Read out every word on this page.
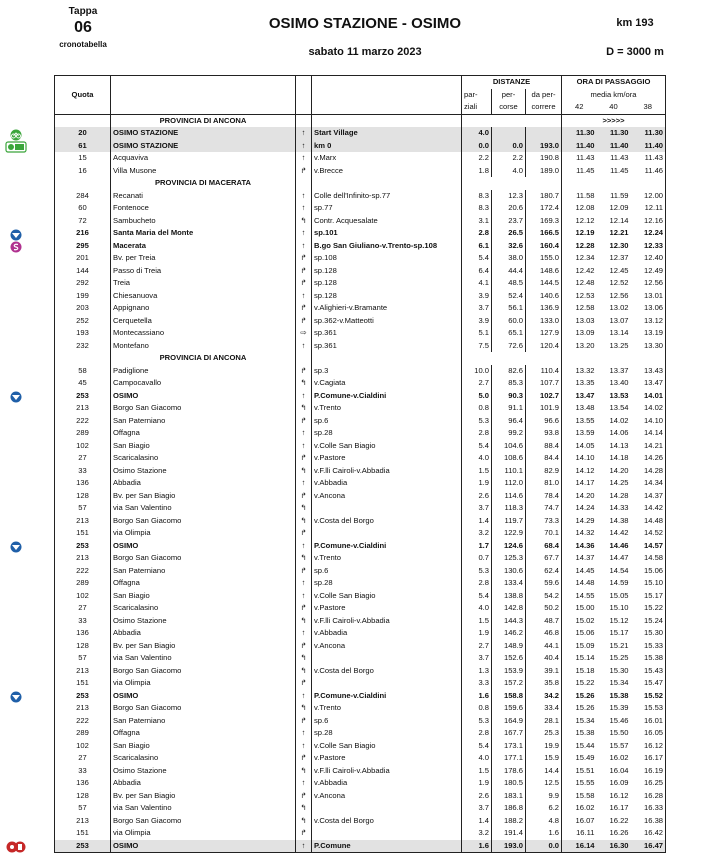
Tappa
06
cronotabella
OSIMO STAZIONE - OSIMO	km 193
sabato 11 marzo 2023	D = 3000 m
				DISTANZE			ORA DI PASSAGGIO		
Quota				par-	per-	da per-	media km/ora		
				ziali	corse	correre	42	40	38
	PROVINCIA DI ANCONA						>>>>>		
20	OSIMO STAZIONE	↑	Start Village	4.0			11.30	11.30	11.30
61	OSIMO STAZIONE	↑	km 0	0.0	0.0	193.0	11.40	11.40	11.40
15	Acquaviva	↑	v.Marx	2.2	2.2	190.8	11.43	11.43	11.43
16	Villa Musone	↱	v.Brecce	1.8	4.0	189.0	11.45	11.45	11.46
	PROVINCIA DI MACERATA								
284	Recanati	↑	Colle dell'Infinito-sp.77	8.3	12.3	180.7	11.58	11.59	12.00
60	Fontenoce	↑	sp.77	8.3	20.6	172.4	12.08	12.09	12.11
72	Sambucheto	↰	Contr. Acquesalate	3.1	23.7	169.3	12.12	12.14	12.16
216	Santa Maria del Monte	↑	sp.101	2.8	26.5	166.5	12.19	12.21	12.24
295	Macerata	↑	B.go San Giuliano-v.Trento-sp.108	6.1	32.6	160.4	12.28	12.30	12.33
201	Bv. per Treia	↱	sp.108	5.4	38.0	155.0	12.34	12.37	12.40
144	Passo di Treia	↱	sp.128	6.4	44.4	148.6	12.42	12.45	12.49
292	Treia	↱	sp.128	4.1	48.5	144.5	12.48	12.52	12.56
199	Chiesanuova	↑	sp.128	3.9	52.4	140.6	12.53	12.56	13.01
203	Appignano	↱	v.Alighieri-v.Bramante	3.7	56.1	136.9	12.58	13.02	13.06
252	Cerquetella	↱	sp.362-v.Matteotti	3.9	60.0	133.0	13.03	13.07	13.12
193	Montecassiano	⇨	sp.361	5.1	65.1	127.9	13.09	13.14	13.19
232	Montefano	↑	sp.361	7.5	72.6	120.4	13.20	13.25	13.30
	PROVINCIA DI ANCONA								
58	Padiglione	↱	sp.3	10.0	82.6	110.4	13.32	13.37	13.43
45	Campocavallo	↰	v.Cagiata	2.7	85.3	107.7	13.35	13.40	13.47
253	OSIMO	↑	P.Comune-v.Cialdini	5.0	90.3	102.7	13.47	13.53	14.01
213	Borgo San Giacomo	↰	v.Trento	0.8	91.1	101.9	13.48	13.54	14.02
222	San Paterniano	↱	sp.6	5.3	96.4	96.6	13.55	14.02	14.10
289	Offagna	↑	sp.28	2.8	99.2	93.8	13.59	14.06	14.14
102	San Biagio	↑	v.Colle San Biagio	5.4	104.6	88.4	14.05	14.13	14.21
27	Scaricalasino	↱	v.Pastore	4.0	108.6	84.4	14.10	14.18	14.26
33	Osimo Stazione	↰	v.F.lli Cairoli-v.Abbadia	1.5	110.1	82.9	14.12	14.20	14.28
136	Abbadia	↑	v.Abbadia	1.9	112.0	81.0	14.17	14.25	14.34
128	Bv. per San Biagio	↱	v.Ancona	2.6	114.6	78.4	14.20	14.28	14.37
57	via San Valentino	↰		3.7	118.3	74.7	14.24	14.33	14.42
213	Borgo San Giacomo	↰	v.Costa del Borgo	1.4	119.7	73.3	14.29	14.38	14.48
151	via Olimpia	↱		3.2	122.9	70.1	14.32	14.42	14.52
253	OSIMO	↑	P.Comune-v.Cialdini	1.7	124.6	68.4	14.36	14.46	14.57
213	Borgo San Giacomo	↰	v.Trento	0.7	125.3	67.7	14.37	14.47	14.58
222	San Paterniano	↱	sp.6	5.3	130.6	62.4	14.45	14.54	15.06
289	Offagna	↑	sp.28	2.8	133.4	59.6	14.48	14.59	15.10
102	San Biagio	↑	v.Colle San Biagio	5.4	138.8	54.2	14.55	15.05	15.17
27	Scaricalasino	↱	v.Pastore	4.0	142.8	50.2	15.00	15.10	15.22
33	Osimo Stazione	↰	v.F.lli Cairoli-v.Abbadia	1.5	144.3	48.7	15.02	15.12	15.24
136	Abbadia	↑	v.Abbadia	1.9	146.2	46.8	15.06	15.17	15.30
128	Bv. per San Biagio	↱	v.Ancona	2.7	148.9	44.1	15.09	15.21	15.33
57	via San Valentino	↰		3.7	152.6	40.4	15.14	15.25	15.38
213	Borgo San Giacomo	↰	v.Costa del Borgo	1.3	153.9	39.1	15.18	15.30	15.43
151	via Olimpia	↱		3.3	157.2	35.8	15.22	15.34	15.47
253	OSIMO	↑	P.Comune-v.Cialdini	1.6	158.8	34.2	15.26	15.38	15.52
213	Borgo San Giacomo	↰	v.Trento	0.8	159.6	33.4	15.26	15.39	15.53
222	San Paterniano	↱	sp.6	5.3	164.9	28.1	15.34	15.46	16.01
289	Offagna	↑	sp.28	2.8	167.7	25.3	15.38	15.50	16.05
102	San Biagio	↑	v.Colle San Biagio	5.4	173.1	19.9	15.44	15.57	16.12
27	Scaricalasino	↱	v.Pastore	4.0	177.1	15.9	15.49	16.02	16.17
33	Osimo Stazione	↰	v.F.lli Cairoli-v.Abbadia	1.5	178.6	14.4	15.51	16.04	16.19
136	Abbadia	↑	v.Abbadia	1.9	180.5	12.5	15.55	16.09	16.25
128	Bv. per San Biagio	↱	v.Ancona	2.6	183.1	9.9	15.58	16.12	16.28
57	via San Valentino	↰		3.7	186.8	6.2	16.02	16.17	16.33
213	Borgo San Giacomo	↰	v.Costa del Borgo	1.4	188.2	4.8	16.07	16.22	16.38
151	via Olimpia	↱		3.2	191.4	1.6	16.11	16.26	16.42
253	OSIMO	↑	P.Comune	1.6	193.0	0.0	16.14	16.30	16.47
